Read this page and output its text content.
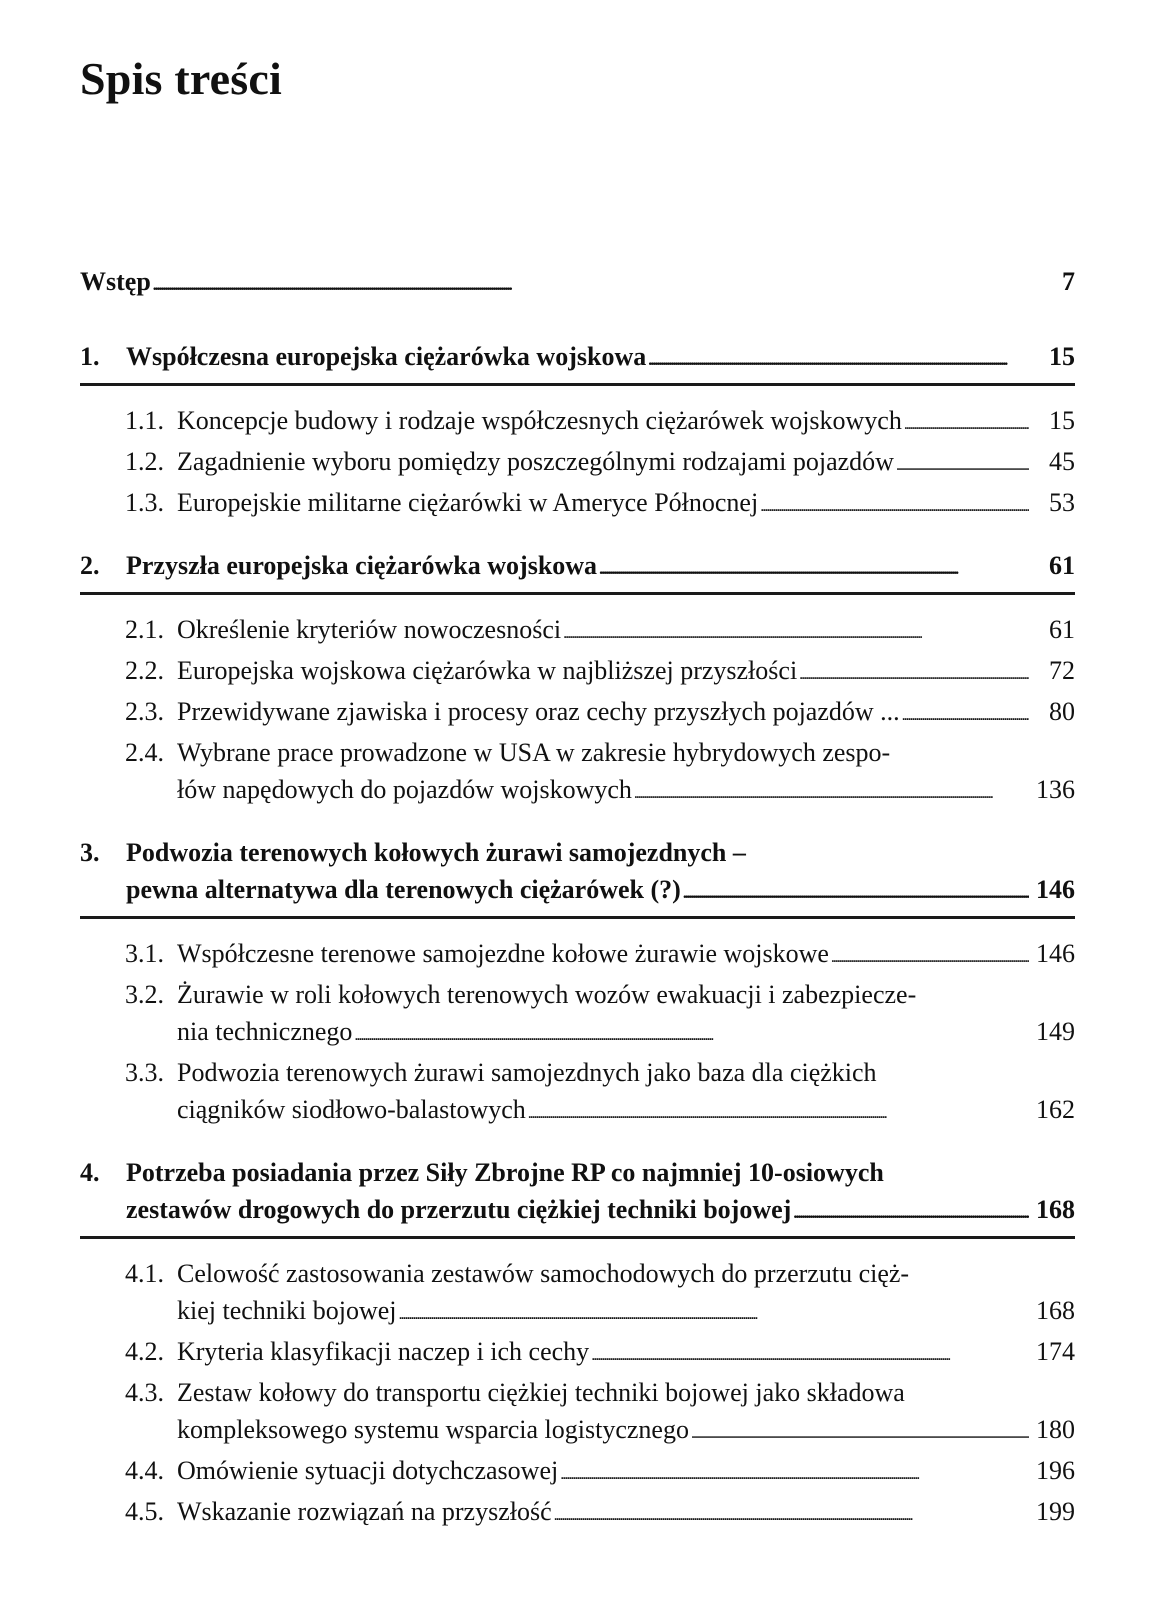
Spis treści
Wstęp . . .	7
1.	Współczesna europejska ciężarówka wojskowa . . .	15
1.1. Koncepcje budowy i rodzaje współczesnych ciężarówek wojskowych . . .	15
1.2. Zagadnienie wyboru pomiędzy poszczególnymi rodzajami pojazdów . . .	45
1.3. Europejskie militarne ciężarówki w Ameryce Północnej . . .	53
2.	Przyszła europejska ciężarówka wojskowa . . .	61
2.1. Określenie kryteriów nowoczesności . . .	61
2.2. Europejska wojskowa ciężarówka w najbliższej przyszłości . . .	72
2.3. Przewidywane zjawiska i procesy oraz cechy przyszłych pojazdów ... . . .	80
2.4. Wybrane prace prowadzone w USA w zakresie hybrydowych zespo-
łów napędowych do pojazdów wojskowych . . .	136
3.	Podwozia terenowych kołowych żurawi samojezdnych –
pewna alternatywa dla terenowych ciężarówek (?) . . .	146
3.1. Współczesne terenowe samojezdne kołowe żurawie wojskowe . . .	146
3.2. Żurawie w roli kołowych terenowych wozów ewakuacji i zabezpiecze-
nia technicznego . . .	149
3.3. Podwozia terenowych żurawi samojezdnych jako baza dla ciężkich
ciągników siodłowo-balastowych . . .	162
4.	Potrzeba posiadania przez Siły Zbrojne RP co najmniej 10-osiowych
zestawów drogowych do przerzutu ciężkiej techniki bojowej . . .	168
4.1. Celowość zastosowania zestawów samochodowych do przerzutu cięż-
kiej techniki bojowej . . .	168
4.2. Kryteria klasyfikacji naczep i ich cechy . . .	174
4.3. Zestaw kołowy do transportu ciężkiej techniki bojowej jako składowa
kompleksowego systemu wsparcia logistycznego . . .	180
4.4. Omówienie sytuacji dotychczasowej . . .	196
4.5. Wskazanie rozwiązań na przyszłość . . .	199
